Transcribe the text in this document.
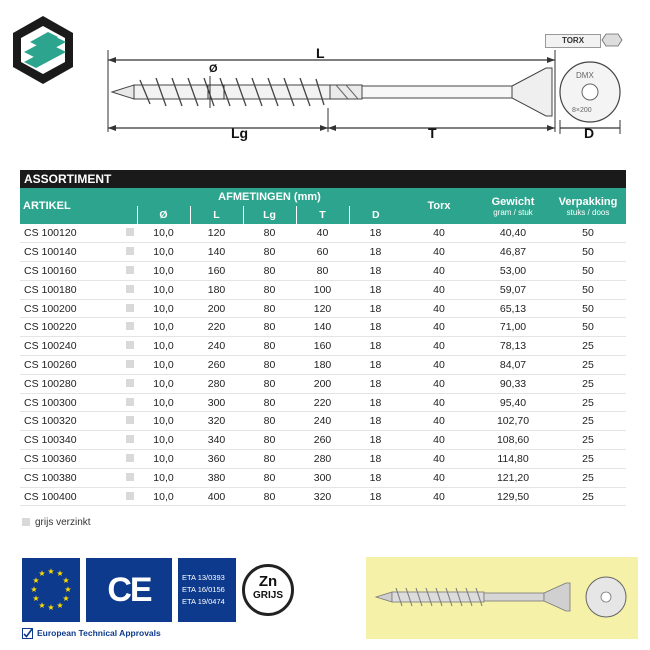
Ø
L
Lg	T
DMX
8×200
D
TORX
ASSORTIMENT
ARTIKEL		AFMETINGEN (mm)					Torx	Gewicht
gram / stuk	Verpakking
stuks / doos

		Ø	L	Lg	T	D			
CS 100120		10,0	120	80	40	18	40	40,40	50
CS 100140		10,0	140	80	60	18	40	46,87	50
CS 100160		10,0	160	80	80	18	40	53,00	50
CS 100180		10,0	180	80	100	18	40	59,07	50
CS 100200		10,0	200	80	120	18	40	65,13	50
CS 100220		10,0	220	80	140	18	40	71,00	50
CS 100240		10,0	240	80	160	18	40	78,13	25
CS 100260		10,0	260	80	180	18	40	84,07	25
CS 100280		10,0	280	80	200	18	40	90,33	25
CS 100300		10,0	300	80	220	18	40	95,40	25
CS 100320		10,0	320	80	240	18	40	102,70	25
CS 100340		10,0	340	80	260	18	40	108,60	25
CS 100360		10,0	360	80	280	18	40	114,80	25
CS 100380		10,0	380	80	300	18	40	121,20	25
CS 100400		10,0	400	80	320	18	40	129,50	25
grijs verzinkt
★ ★
★
★
★
★
★
★
★
★
★
★	CE	ETA 13/0393
ETA 16/0156
ETA 19/0474
Zn
GRIJS
European Technical Approvals
